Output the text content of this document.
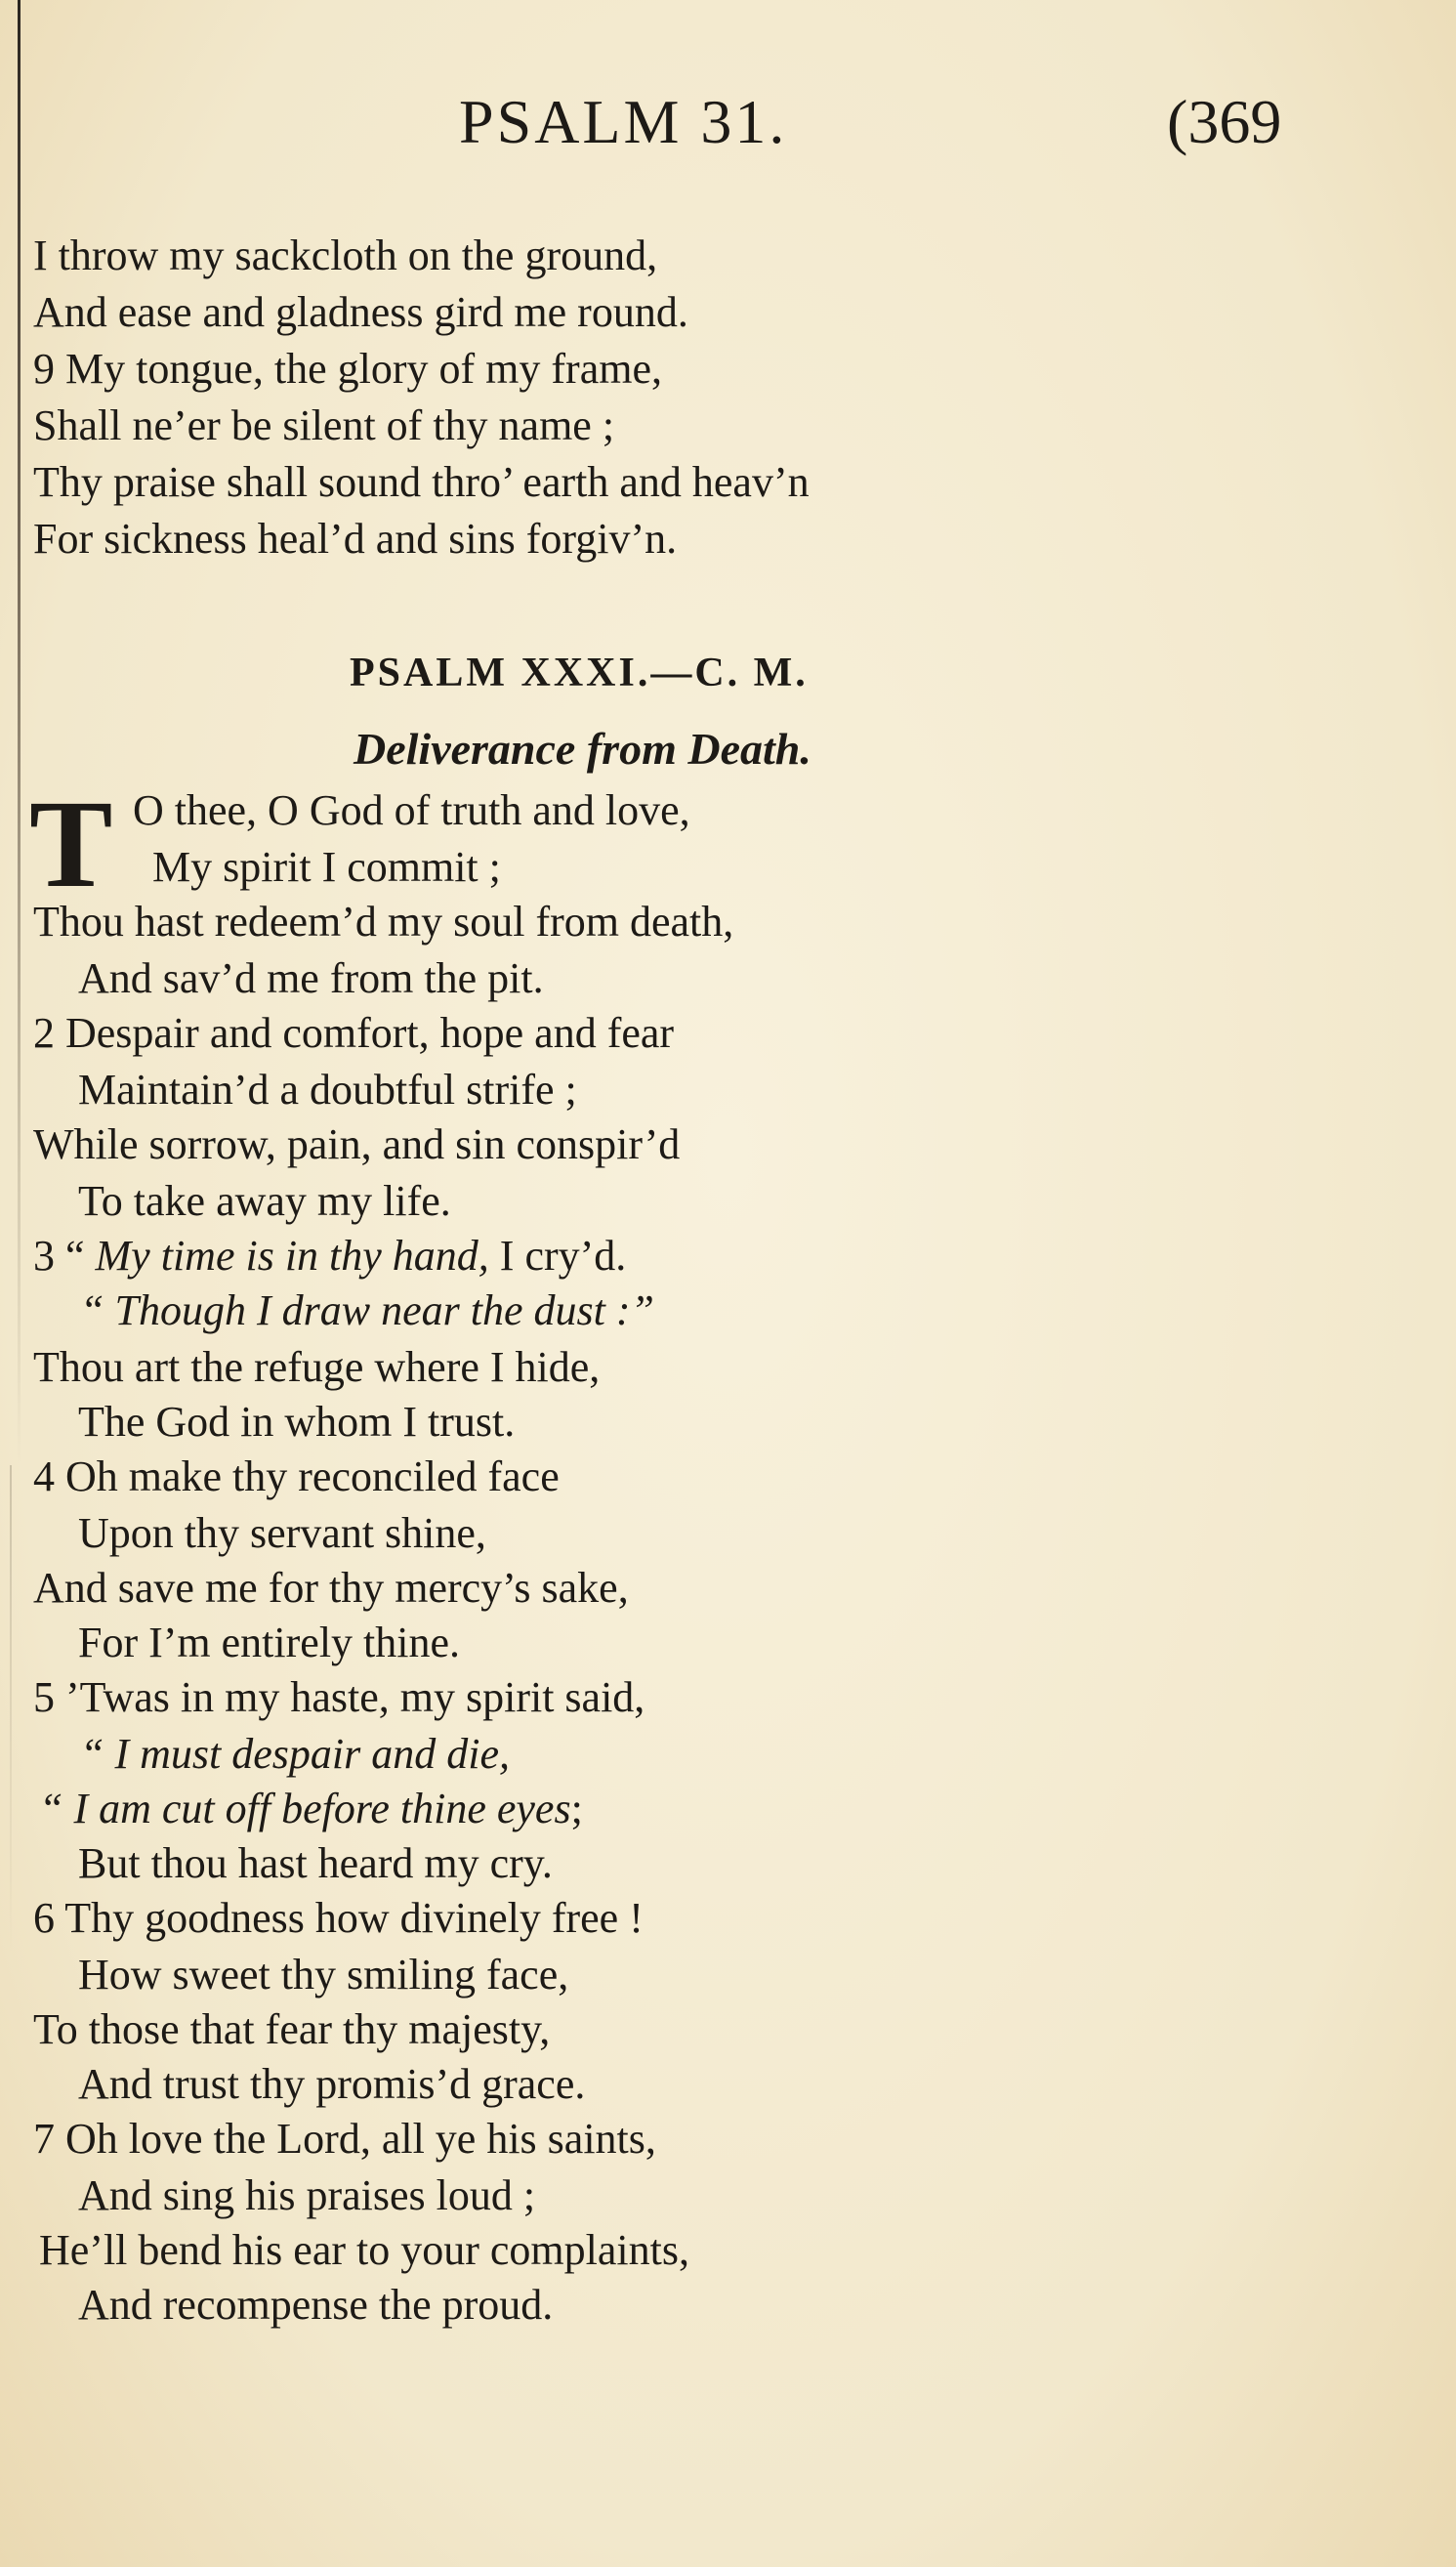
PSALM 31.	(369
I throw my sackcloth on the ground,
And ease and gladness gird me round.
9 My tongue, the glory of my frame,
Shall ne’er be silent of thy name ;
Thy praise shall sound thro’ earth and heav’n
For sickness heal’d and sins forgiv’n.
PSALM XXXI.—C. M.
Deliverance from Death.
T O thee, O God of truth and love,
My spirit I commit ;
Thou hast redeem’d my soul from death,
And sav’d me from the pit.
2 Despair and comfort, hope and fear
Maintain’d a doubtful strife ;
While sorrow, pain, and sin conspir’d
To take away my life.
3 “ My time is in thy hand, I cry’d.
“ Though I draw near the dust :”
Thou art the refuge where I hide,
The God in whom I trust.
4 Oh make thy reconciled face
Upon thy servant shine,
And save me for thy mercy’s sake,
For I’m entirely thine.
5 ’Twas in my haste, my spirit said,
“ I must despair and die,
“ I am cut off before thine eyes;
But thou hast heard my cry.
6 Thy goodness how divinely free !
How sweet thy smiling face,
To those that fear thy majesty,
And trust thy promis’d grace.
7 Oh love the Lord, all ye his saints,
And sing his praises loud ;
He’ll bend his ear to your complaints,
And recompense the proud.
